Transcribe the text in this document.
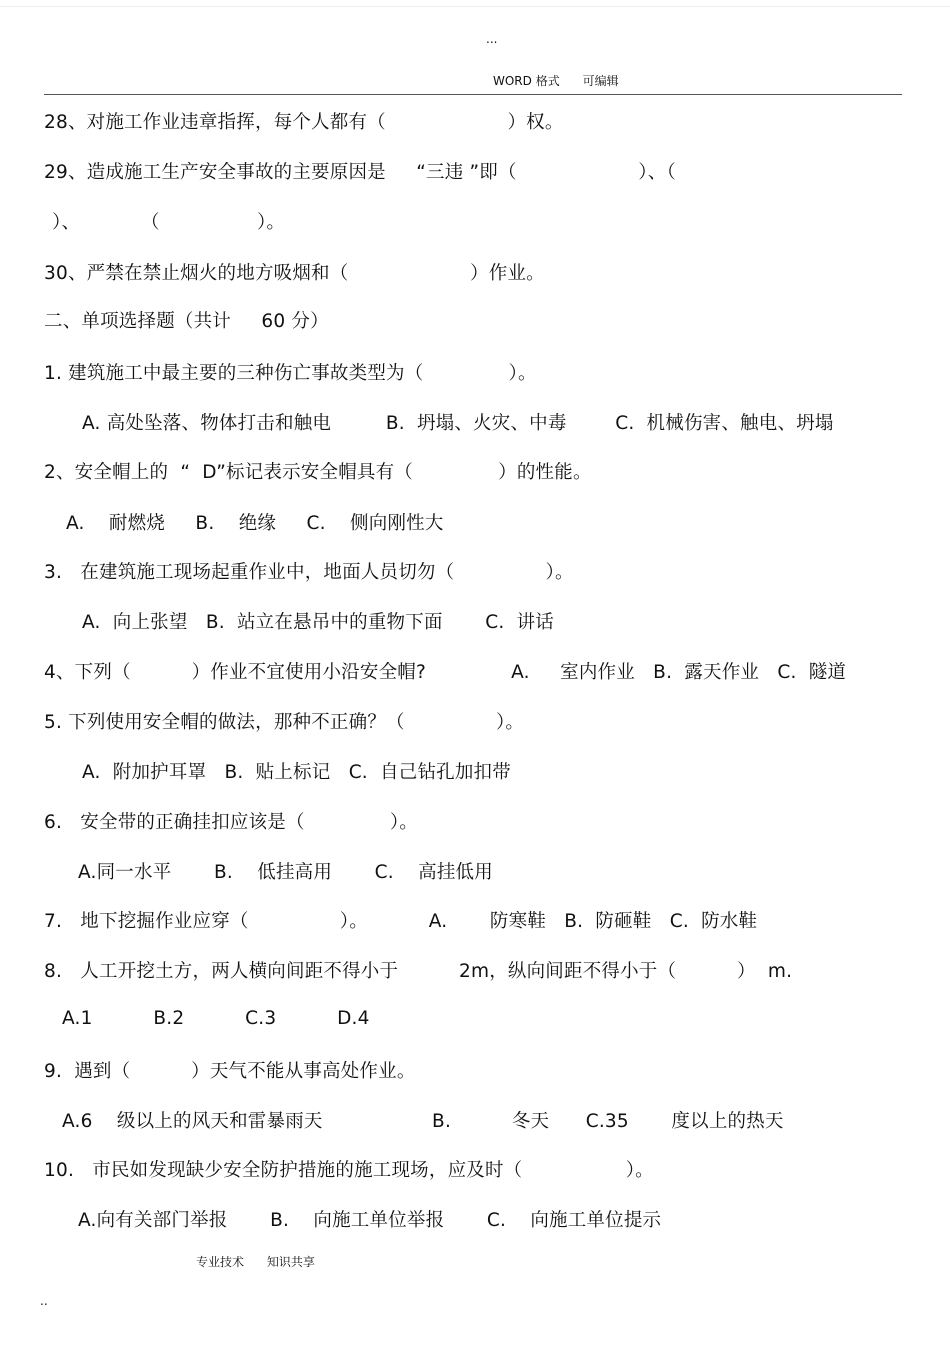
...
WORD 格式      可编辑
28、对施工作业违章指挥，每个人都有（                    ）权。
29、造成施工生产安全事故的主要原因是     “三违 ”即（                    ）、（
）、          （                ）。
30、严禁在禁止烟火的地方吸烟和（                    ）作业。
二、单项选择题（共计     60 分）
1. 建筑施工中最主要的三种伤亡事故类型为（              ）。
A. 高处坠落、物体打击和触电         B.  坍塌、火灾、中毒        C.  机械伤害、触电、坍塌
2、安全帽上的  “  D”标记表示安全帽具有（              ）的性能。
A.    耐燃烧     B.    绝缘     C.    侧向刚性大
3.   在建筑施工现场起重作业中，地面人员切勿（               ）。
A.  向上张望   B.  站立在悬吊中的重物下面       C.  讲话
4、下列（          ）作业不宜使用小沿安全帽?              A.     室内作业   B.  露天作业   C.  隧道
5. 下列使用安全帽的做法，那种不正确？（               ）。
A.  附加护耳罩   B.  贴上标记   C.  自己钻孔加扣带
6.   安全带的正确挂扣应该是（              ）。
A.同一水平       B.    低挂高用       C.    高挂低用
7.   地下挖掘作业应穿（               ）。          A.       防寒鞋   B.  防砸鞋   C.  防水鞋
8.   人工开挖土方，两人横向间距不得小于          2m，纵向间距不得小于（          ）  m.
A.1          B.2          C.3          D.4
9.  遇到（          ）天气不能从事高处作业。
A.6    级以上的风天和雷暴雨天                  B.          冬天      C.35       度以上的热天
10.   市民如发现缺少安全防护措施的施工现场，应及时（                 ）。
A.向有关部门举报       B.    向施工单位举报       C.    向施工单位提示
专业技术      知识共享
..
